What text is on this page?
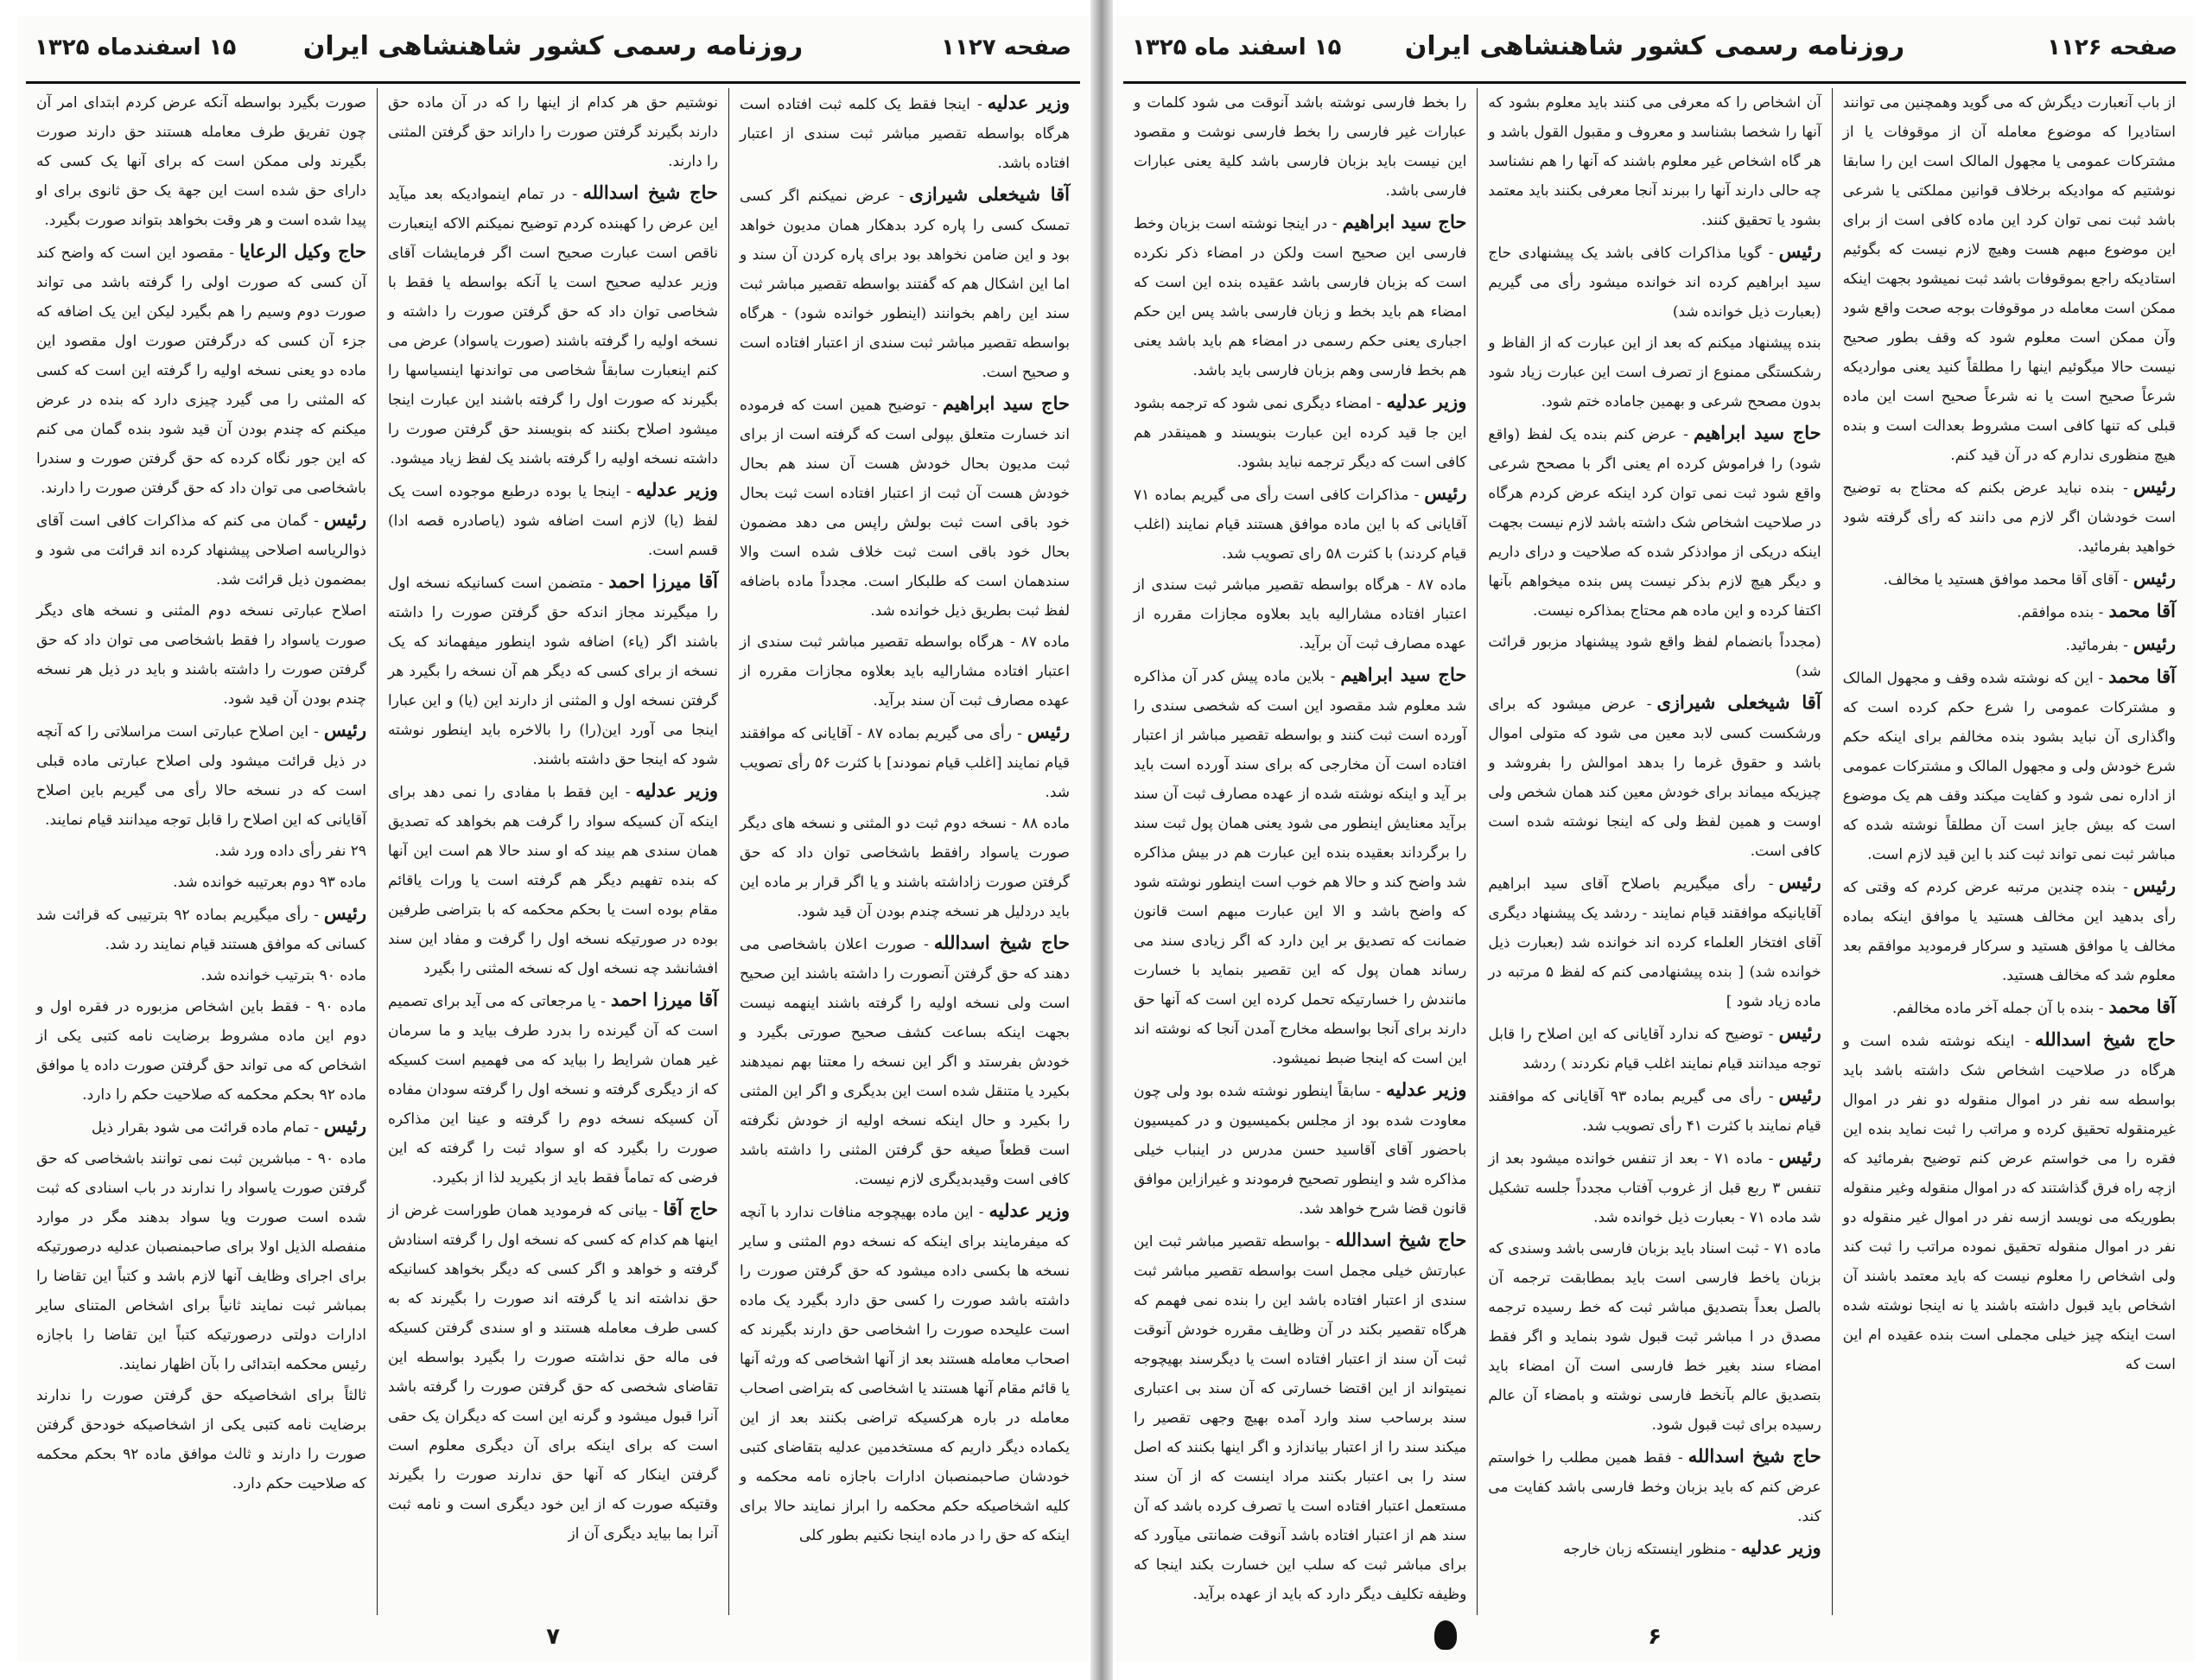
صفحه ۱۱۲۷
روزنامه رسمی کشور شاهنشاهی ایران
۱۵ اسفندماه ۱۳۲۵

وزیر عدلیه- اینجا فقط یک کلمه ثبت افتاده است هرگاه بواسطه تقصیر مباشر ثبت سندی از اعتبار افتاده باشد.

آقا شیخعلی شیرازی- عرض نمیکنم اگر کسی تمسک کسی را پاره کرد بدهکار همان مدیون خواهد بود و این ضامن نخواهد بود برای پاره کردن آن سند و اما این اشکال هم که گفتند بواسطه تقصیر مباشر ثبت سند این راهم بخوانند (اینطور خوانده شود) - هرگاه بواسطه تقصیر مباشر ثبت سندی از اعتبار افتاده است و صحیح است.

حاج سید ابراهیم- توضیح همین است که فرموده اند خسارت متعلق بپولی است که گرفته است از برای ثبت مدیون بحال خودش هست آن سند هم بحال خودش هست آن ثبت از اعتبار افتاده است ثبت بحال خود باقی است ثبت بولش راپس می دهد مضمون بحال خود باقی است ثبت خلاف شده است والا سندهمان است که طلبکار است. مجدداً ماده باضافه لفظ ثبت بطریق ذیل خوانده شد.

ماده ۸۷ - هرگاه بواسطه تقصیر مباشر ثبت سندی از اعتبار افتاده مشارالیه باید بعلاوه مجازات مقرره از عهده مصارف ثبت آن سند برآید.

رئیس- رأی می گیریم بماده ۸۷ - آقایانی که موافقند قیام نمایند [اغلب قیام نمودند] با کثرت ۵۶ رأی تصویب شد.

ماده ۸۸ - نسخه دوم ثبت دو المثنی و نسخه های دیگر صورت یاسواد رافقط باشخاصی توان داد که حق گرفتن صورت زاداشته باشند و یا اگر قرار بر ماده این باید دردلیل هر نسخه چندم بودن آن قید شود.

حاج شیخ اسدالله- صورت اعلان باشخاصی می دهند که حق گرفتن آنصورت را داشته باشند این صحیح است ولی نسخه اولیه را گرفته باشند اینهمه نیست بجهت اینکه بساعت کشف صحیح صورتی بگیرد و خودش بفرستد و اگر این نسخه را معتنا بهم نمیدهند بکیرد یا متنقل شده است این بدیگری و اگر این المثنی را بکیرد و حال اینکه نسخه اولیه از خودش نگرفته است قطعاً صیغه حق گرفتن المثنی را داشته باشد کافی است وقیدبدیگری لازم نیست.

وزیر عدلیه- این ماده بهیچوجه منافات ندارد با آنچه که میفرمایند برای اینکه که نسخه دوم المثنی و سایر نسخه ها بکسی داده میشود که حق گرفتن صورت را داشته باشد صورت را کسی حق دارد بگیرد یک ماده است علیحده صورت را اشخاصی حق دارند بگیرند که اصحاب معامله هستند بعد از آنها اشخاصی که ورثه آنها یا قائم مقام آنها هستند یا اشخاصی که بتراضی اصحاب معامله در باره هرکسیکه تراضی بکنند بعد از این یکماده دیگر داریم که مستخدمین عدلیه بتقاضای کتبی خودشان صاحبمنصبان ادارات باجازه نامه محکمه و کلیه اشخاصیکه حکم محکمه را ابراز نمایند حالا برای اینکه که حق را در ماده اینجا نکنیم بطور کلی

نوشتیم حق هر کدام از اینها را که در آن ماده حق دارند بگیرند گرفتن صورت را داراند حق گرفتن المثنی را دارند.

حاج شیخ اسدالله- در تمام اینموادیکه بعد میآید این عرض را کهبنده کردم توضیح نمیکنم الاکه اینعبارت ناقص است عبارت صحیح است اگر فرمایشات آقای وزیر عدلیه صحیح است یا آنکه بواسطه یا فقط با شخاصی توان داد که حق گرفتن صورت را داشته و نسخه اولیه را گرفته باشند (صورت یاسواد) عرض می کنم اینعبارت سابقاً شخاصی می تواندنها اینسیاسها را بگیرند که صورت اول را گرفته باشند این عبارت اینجا میشود اصلاح بکنند که بنویسند حق گرفتن صورت را داشته نسخه اولیه را گرفته باشند یک لفظ زیاد میشود.

وزیر عدلیه- اینجا یا بوده درطبع موجوده است یک لفظ (یا) لازم است اضافه شود (یاصادره قصه ادا) قسم است.

آقا میرزا احمد- متضمن است کسانیکه نسخه اول را میگیرند مجاز اندکه حق گرفتن صورت را داشته باشند اگر (یاء) اضافه شود اینطور میفهماند که یک نسخه از برای کسی که دیگر هم آن نسخه را بگیرد هر گرفتن نسخه اول و المثنی از دارند این (یا) و این عبارا اینجا می آورد این(را) را بالاخره باید اینطور نوشته شود که اینجا حق داشته باشند.

وزیر عدلیه- این فقط با مفادی را نمی دهد برای اینکه آن کسیکه سواد را گرفت هم بخواهد که تصدیق همان سندی هم بیند که او سند حالا هم است این آنها که بنده تفهیم دیگر هم گرفته است یا ورات یاقائم مقام بوده است یا بحکم محکمه که با بتراضی طرفین بوده در صورتیکه نسخه اول را گرفت و مفاد این سند افشانشد چه نسخه اول که نسخه المثنی را بگیرد

آقا میرزا احمد- یا مرجعاتی که می آید برای تصمیم است که آن گیرنده را بدرد طرف بیاید و ما سرمان غیر همان شرایط را بیاید که می فهمیم است کسیکه که از دیگری گرفته و نسخه اول را گرفته سودان مفاده آن کسیکه نسخه دوم را گرفته و عینا این مذاکره صورت را بگیرد که او سواد ثبت را گرفته که این فرضی که تماماً فقط باید از بکیرید لذا از بکیرد.

حاج آقا- بیانی که فرمودید همان طوراست غرض از اینها هم کدام که کسی که نسخه اول را گرفته اسنادش گرفته و خواهد و اگر کسی که دیگر بخواهد کسانیکه حق نداشته اند یا گرفته اند صورت را بگیرند که به کسی طرف معامله هستند و او سندی گرفتن کسیکه فی ماله حق نداشته صورت را بگیرد بواسطه این تقاضای شخصی که حق گرفتن صورت را گرفته باشد آنرا قبول میشود و گرنه این است که دیگران یک حقی است که برای اینکه برای آن دیگری معلوم است گرفتن اینکار که آنها حق ندارند صورت را بگیرند وقتیکه صورت که از این خود دیگری است و نامه ثبت آنرا بما بیاید دیگری آن از

صورت بگیرد بواسطه آنکه عرض کردم ابتدای امر آن چون تفریق طرف معامله هستند حق دارند صورت بگیرند ولی ممکن است که برای آنها یک کسی که دارای حق شده است این جهة یک حق ثانوی برای او پیدا شده است و هر وقت بخواهد بتواند صورت بگیرد.

حاج وکیل الرعایا- مقصود این است که واضح کند آن کسی که صورت اولی را گرفته باشد می تواند صورت دوم وسیم را هم بگیرد لیکن این یک اضافه که جزء آن کسی که درگرفتن صورت اول مقصود این ماده دو یعنی نسخه اولیه را گرفته این است که کسی که المثنی را می گیرد چیزی دارد که بنده در عرض میکنم که چندم بودن آن قید شود بنده گمان می کنم که این جور نگاه کرده که حق گرفتن صورت و سندرا باشخاصی می توان داد که حق گرفتن صورت را دارند.

رئیس- گمان می کنم که مذاکرات کافی است آقای ذوالریاسه اصلاحی پیشنهاد کرده اند قرائت می شود و بمضمون ذیل قرائت شد.

اصلاح عبارتی نسخه دوم المثنی و نسخه های دیگر صورت یاسواد را فقط باشخاصی می توان داد که حق گرفتن صورت را داشته باشند و باید در ذیل هر نسخه چندم بودن آن قید شود.

رئیس- این اصلاح عبارتی است مراسلاتی را که آنچه در ذیل قرائت میشود ولی اصلاح عبارتی ماده قبلی است که در نسخه حالا رأی می گیریم باین اصلاح آقایانی که این اصلاح را قابل توجه میدانند قیام نمایند.

۲۹ نفر رأی داده ورد شد.

ماده ۹۳ دوم بعرتیبه خوانده شد.

رئیس- رأی میگیریم بماده ۹۲ بترتیبی که قرائت شد کسانی که موافق هستند قیام نمایند رد شد.

ماده ۹۰ بترتیب خوانده شد.

ماده ۹۰ - فقط باین اشخاص مزبوره در فقره اول و دوم این ماده مشروط برضایت نامه کتبی یکی از اشخاص که می تواند حق گرفتن صورت داده یا موافق ماده ۹۲ بحکم محکمه که صلاحیت حکم را دارد.

رئیس- تمام ماده قرائت می شود بقرار ذیل

ماده ۹۰ - مباشرین ثبت نمی توانند باشخاصی که حق گرفتن صورت یاسواد را ندارند در باب اسنادی که ثبت شده است صورت ویا سواد بدهند مگر در موارد منفصله الذیل اولا برای صاحبمنصبان عدلیه درصورتیکه برای اجرای وظایف آنها لازم باشد و کتباً این تقاضا را بمباشر ثبت نمایند ثانیاً برای اشخاص المتنای سایر ادارات دولتی درصورتیکه کتباً این تقاضا را باجازه رئیس محکمه ابتدائی را بآن اظهار نمایند.

ثالثاً برای اشخاصیکه حق گرفتن صورت را ندارند برضایت نامه کتبی یکی از اشخاصیکه خودحق گرفتن صورت را دارند و ثالث موافق ماده ۹۲ بحکم محکمه که صلاحیت حکم دارد.

۷
صفحه ۱۱۲۶
روزنامه رسمی کشور شاهنشاهی ایران
۱۵ اسفند ماه ۱۳۲۵

از باب آنعبارت دیگرش که می گوید وهمچنین می توانند استادیرا که موضوع معامله آن از موقوفات یا از مشترکات عمومی یا مجهول المالک است این را سابقا نوشتیم که موادیکه برخلاف قوانین مملکتی یا شرعی باشد ثبت نمی توان کرد این ماده کافی است از برای این موضوع مبهم هست وهیچ لازم نیست که بگوئیم استادیکه راجع بموقوفات باشد ثبت نمیشود بجهت اینکه ممکن است معامله در موقوفات بوجه صحت واقع شود وآن ممکن است معلوم شود که وقف بطور صحیح نیست حالا میگوئیم اینها را مطلقاً کنید یعنی مواردیکه شرعاً صحیح است یا نه شرعاً صحیح است این ماده قبلی که تنها کافی است مشروط بعدالت است و بنده هیچ منظوری ندارم که در آن قید کنم.

رئیس- بنده نباید عرض بکنم که محتاج به توضیح است خودشان اگر لازم می دانند که رأی گرفته شود خواهید بفرمائید.

رئیس- آقای آقا محمد موافق هستید یا مخالف.

آقا محمد- بنده موافقم.

رئیس- بفرمائید.

آقا محمد- این که نوشته شده وقف و مجهول المالک و مشترکات عمومی را شرع حکم کرده است که واگذاری آن نباید بشود بنده مخالفم برای اینکه حکم شرع خودش ولی و مجهول المالک و مشترکات عمومی از اداره نمی شود و کفایت میکند وقف هم یک موضوع است که بیش جایز است آن مطلقاً نوشته شده که مباشر ثبت نمی تواند ثبت کند با این قید لازم است.

رئیس- بنده چندین مرتبه عرض کردم که وقتی که رأی بدهید این مخالف هستید یا موافق اینکه بماده مخالف یا موافق هستید و سرکار فرمودید موافقم بعد معلوم شد که مخالف هستید.

آقا محمد- بنده با آن جمله آخر ماده مخالفم.

حاج شیخ اسدالله- اینکه نوشته شده است و هرگاه در صلاحیت اشخاص شک داشته باشد باید بواسطه سه نفر در اموال منقوله دو نفر در اموال غیرمنقوله تحقیق کرده و مراتب را ثبت نماید بنده این فقره را می خواستم عرض کنم توضیح بفرمائید که ازچه راه فرق گذاشتند که در اموال منقوله وغیر منقوله بطوریکه می نویسد ازسه نفر در اموال غیر منقوله دو نفر در اموال منقوله تحقیق نموده مراتب را ثبت کند ولی اشخاص را معلوم نیست که باید معتمد باشند آن اشخاص باید قبول داشته باشند یا نه اینجا نوشته شده است اینکه چیز خیلی مجملی است بنده عقیده ام این است که

آن اشخاص را که معرفی می کنند باید معلوم بشود که آنها را شخصا بشناسد و معروف و مقبول القول باشد و هر گاه اشخاص غیر معلوم باشند که آنها را هم نشناسد چه حالی دارند آنها را ببرند آنجا معرفی بکنند باید معتمد بشود یا تحقیق کنند.

رئیس- گویا مذاکرات کافی باشد یک پیشنهادی حاج سید ابراهیم کرده اند خوانده میشود رأی می گیریم (بعبارت ذیل خوانده شد)

بنده پیشنهاد میکنم که بعد از این عبارت که از الفاظ و رشکستگی ممنوع از تصرف است این عبارت زیاد شود بدون مصحح شرعی و بهمین جاماده ختم شود.

حاج سید ابراهیم- عرض کنم بنده یک لفظ (واقع شود) را فراموش کرده ام یعنی اگر با مصحح شرعی واقع شود ثبت نمی توان کرد اینکه عرض کردم هرگاه در صلاحیت اشخاص شک داشته باشد لازم نیست بجهت اینکه دریکی از موادذکر شده که صلاحیت و درای داریم و دیگر هیچ لازم بذکر نیست پس بنده میخواهم بآنها اکتفا کرده و این ماده هم محتاج بمذاکره نیست.

(مجدداً بانضمام لفظ واقع شود پیشنهاد مزبور قرائت شد)

آقا شیخعلی شیرازی- عرض میشود که برای ورشکست کسی لابد معین می شود که متولی اموال باشد و حقوق غرما را بدهد اموالش را بفروشد و چیزیکه میماند برای خودش معین کند همان شخص ولی اوست و همین لفظ ولی که اینجا نوشته شده است کافی است.

رئیس- رأی میگیریم باصلاح آقای سید ابراهیم آقایانیکه موافقند قیام نمایند - ردشد یک پیشنهاد دیگری آقای افتخار العلماء کرده اند خوانده شد (بعبارت ذیل خوانده شد) [ بنده پیشنهادمی کنم که لفظ ۵ مرتبه در ماده زیاد شود ]

رئیس- توضیح که ندارد آقایانی که این اصلاح را قابل توجه میدانند قیام نمایند اغلب قیام نکردند ) ردشد

رئیس- رأی می گیریم بماده ۹۳ آقایانی که موافقند قیام نمایند با کثرت ۴۱ رأی تصویب شد.

رئیس- ماده ۷۱ - بعد از تنفس خوانده میشود بعد از تنفس ۳ ربع قبل از غروب آفتاب مجدداً جلسه تشکیل شد ماده ۷۱ - بعبارت ذیل خوانده شد.

ماده ۷۱ - ثبت اسناد باید بزبان فارسی باشد وسندی که بزبان یاخط فارسی است باید بمطابقت ترجمه آن بالصل بعداً بتصدیق مباشر ثبت که خط رسیده ترجمه مصدق در ا مباشر ثبت قبول شود بنماید و اگر فقط امضاء سند بغیر خط فارسی است آن امضاء باید بتصدیق عالم بآنخط فارسی نوشته و بامضاء آن عالم رسیده برای ثبت قبول شود.

حاج شیخ اسدالله- فقط همین مطلب را خواستم عرض کنم که باید بزبان وخط فارسی باشد کفایت می کند.

وزیر عدلیه- منظور اینستکه زبان خارجه

را بخط فارسی نوشته باشد آنوقت می شود کلمات و عبارات غیر فارسی را بخط فارسی نوشت و مقصود این نیست باید بزبان فارسی باشد کلیة یعنی عبارات فارسی باشد.

حاج سید ابراهیم- در اینجا نوشته است بزبان وخط فارسی این صحیح است ولکن در امضاء ذکر نکرده است که بزبان فارسی باشد عقیده بنده این است که امضاء هم باید بخط و زبان فارسی باشد پس این حکم اجباری یعنی حکم رسمی در امضاء هم باید باشد یعنی هم بخط فارسی وهم بزبان فارسی باید باشد.

وزیر عدلیه- امضاء دیگری نمی شود که ترجمه بشود این جا قید کرده این عبارت بنویسند و همینقدر هم کافی است که دیگر ترجمه نباید بشود.

رئیس- مذاکرات کافی است رأی می گیریم بماده ۷۱ آقایانی که با این ماده موافق هستند قیام نمایند (اغلب قیام کردند) با کثرت ۵۸ رای تصویب شد.

ماده ۸۷ - هرگاه بواسطه تقصیر مباشر ثبت سندی از اعتبار افتاده مشارالیه باید بعلاوه مجازات مقرره از عهده مصارف ثبت آن برآید.

حاج سید ابراهیم- بلاین ماده پیش کدر آن مذاکره شد معلوم شد مقصود این است که شخصی سندی را آورده است ثبت کنند و بواسطه تقصیر مباشر از اعتبار افتاده است آن مخارجی که برای سند آورده است باید بر آید و اینکه نوشته شده از عهده مصارف ثبت آن سند برآید معنایش اینطور می شود یعنی همان پول ثبت سند را برگرداند بعقیده بنده این عبارت هم در بیش مذاکره شد واضح کند و حالا هم خوب است اینطور نوشته شود که واضح باشد و الا این عبارت مبهم است قانون ضمانت که تصدیق بر این دارد که اگر زیادی سند می رساند همان پول که این تقصیر بنماید با خسارت مانندش را خسارتیکه تحمل کرده این است که آنها حق دارند برای آنجا بواسطه مخارج آمدن آنجا که نوشته اند این است که اینجا ضبط نمیشود.

وزیر عدلیه- سابقاً اینطور نوشته شده بود ولی چون معاودت شده بود از مجلس بکمیسیون و در کمیسیون باحضور آقای آقاسید حسن مدرس در اینباب خیلی مذاکره شد و اینطور تصحیح فرمودند و غیرازاین موافق قانون قضا شرح خواهد شد.

حاج شیخ اسدالله- بواسطه تقصیر مباشر ثبت این عبارتش خیلی مجمل است بواسطه تقصیر مباشر ثبت سندی از اعتبار افتاده باشد این را بنده نمی فهمم که هرگاه تقصیر بکند در آن وظایف مقرره خودش آنوقت ثبت آن سند از اعتبار افتاده است یا دیگرسند بهیچوجه نمیتواند از این اقتضا خسارتی که آن سند بی اعتباری سند برساحب سند وارد آمده بهیچ وجهی تقصیر را میکند سند را از اعتبار بیاندازد و اگر اینها بکنند که اصل سند را بی اعتبار بکنند مراد اینست که از آن سند مستعمل اعتبار افتاده است یا تصرف کرده باشد که آن سند هم از اعتبار افتاده باشد آنوقت ضمانتی میآورد که برای مباشر ثبت که سلب این خسارت بکند اینجا که وظیفه تکلیف دیگر دارد که باید از عهده برآید.

۶
